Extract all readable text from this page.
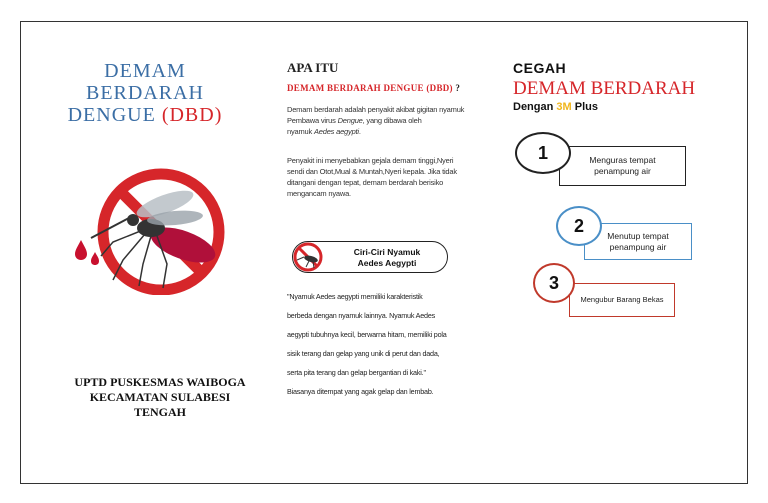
DEMAM BERDARAH
DENGUE (DBD)
UPTD PUSKESMAS WAIBOGA
KECAMATAN SULABESI
TENGAH
APA ITU
DEMAM BERDARAH DENGUE (DBD) ?
Demam berdarah adalah penyakit akibat gigitan nyamuk
Pembawa virus Dengue, yang dibawa oleh
nyamuk Aedes aegypti.
Penyakit ini menyebabkan gejala demam tinggi,Nyeri
sendi dan Otot,Mual & Muntah,Nyeri kepala. Jika tidak
ditangani dengan tepat, demam berdarah berisiko
mengancam nyawa.
Ciri-Ciri Nyamuk
Aedes Aegypti
"Nyamuk Aedes aegypti memiliki karakteristik
berbeda dengan nyamuk lainnya. Nyamuk Aedes
aegypti tubuhnya kecil, berwarna hitam, memiliki pola
sisik terang dan gelap yang unik di perut dan dada,
serta pita terang dan gelap bergantian di kaki."
Biasanya ditempat yang agak gelap dan lembab.
CEGAH
DEMAM BERDARAH
Dengan 3M Plus
Menguras tempat
penampung air
1
Menutup tempat
penampung air
2
Mengubur Barang Bekas
3
